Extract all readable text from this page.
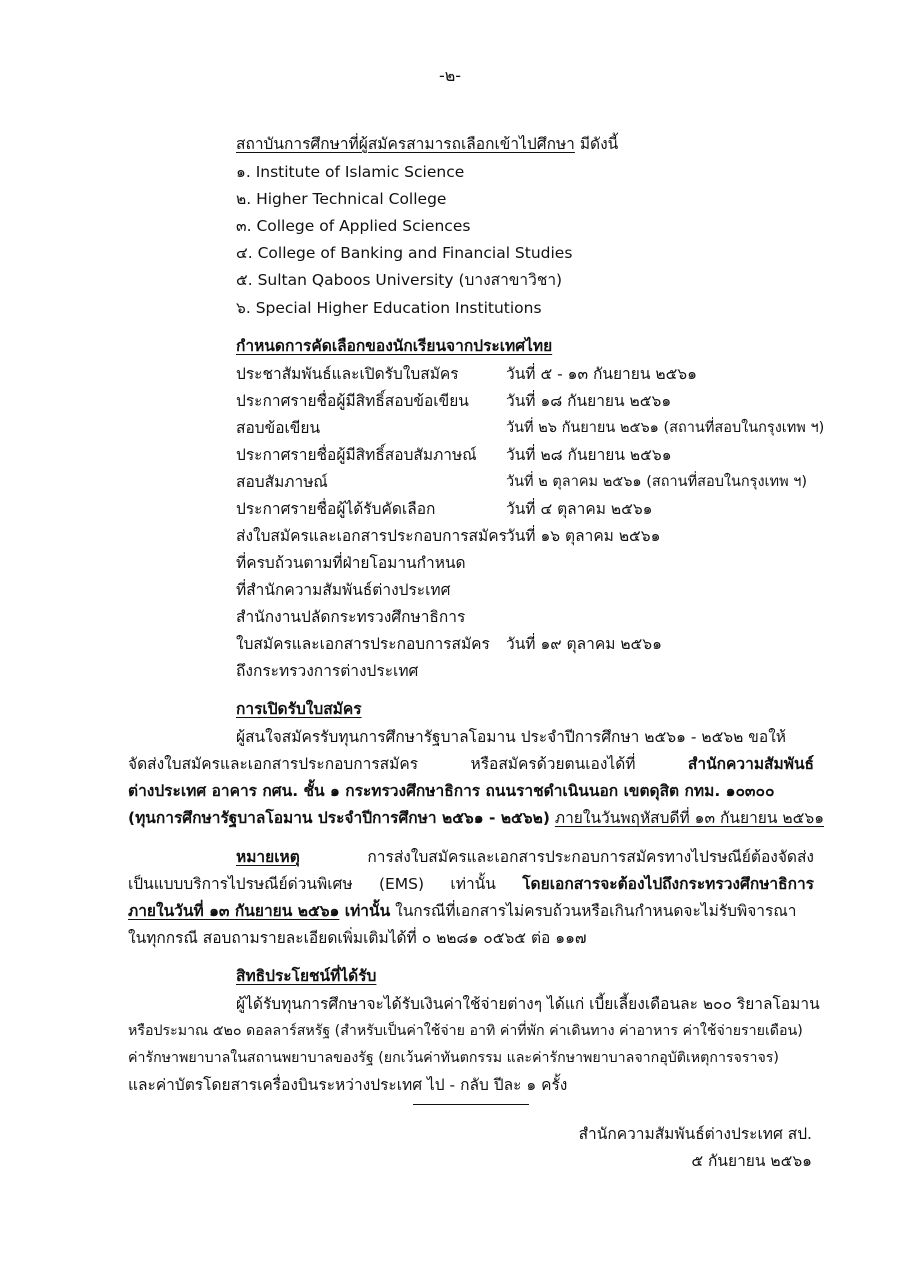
-๒-
สถาบันการศึกษาที่ผู้สมัครสามารถเลือกเข้าไปศึกษา มีดังนี้
๑. Institute of Islamic Science
๒. Higher Technical College
๓. College of Applied Sciences
๔. College of Banking and Financial Studies
๕. Sultan Qaboos University (บางสาขาวิชา)
๖. Special Higher Education Institutions
กำหนดการคัดเลือกของนักเรียนจากประเทศไทย
ประชาสัมพันธ์และเปิดรับใบสมัคร	วันที่ ๕ - ๑๓ กันยายน ๒๕๖๑
ประกาศรายชื่อผู้มีสิทธิ์สอบข้อเขียน วันที่ ๑๘ กันยายน ๒๕๖๑
สอบข้อเขียน	วันที่ ๒๖ กันยายน ๒๕๖๑ (สถานที่สอบในกรุงเทพ ฯ)
ประกาศรายชื่อผู้มีสิทธิ์สอบสัมภาษณ์ วันที่ ๒๘ กันยายน ๒๕๖๑
สอบสัมภาษณ์	วันที่ ๒ ตุลาคม ๒๕๖๑ (สถานที่สอบในกรุงเทพ ฯ)
ประกาศรายชื่อผู้ได้รับคัดเลือก	วันที่ ๔ ตุลาคม ๒๕๖๑
ส่งใบสมัครและเอกสารประกอบการสมัคร วันที่ ๑๖ ตุลาคม ๒๕๖๑
ที่ครบถ้วนตามที่ฝ่ายโอมานกำหนด
ที่สำนักความสัมพันธ์ต่างประเทศ
สำนักงานปลัดกระทรวงศึกษาธิการ
ใบสมัครและเอกสารประกอบการสมัคร วันที่ ๑๙ ตุลาคม ๒๕๖๑
ถึงกระทรวงการต่างประเทศ
การเปิดรับใบสมัคร
ผู้สนใจสมัครรับทุนการศึกษารัฐบาลโอมาน ประจำปีการศึกษา ๒๕๖๑ - ๒๕๖๒ ขอให้
จัดส่งใบสมัครและเอกสารประกอบการสมัคร หรือสมัครด้วยตนเองได้ที่ สำนักความสัมพันธ์
ต่างประเทศ อาคาร กศน. ชั้น ๑ กระทรวงศึกษาธิการ ถนนราชดำเนินนอก เขตดุสิต กทม. ๑๐๓๐๐
(ทุนการศึกษารัฐบาลโอมาน ประจำปีการศึกษา ๒๕๖๑ - ๒๕๖๒) ภายในวันพฤหัสบดีที่ ๑๓ กันยายน ๒๕๖๑
หมายเหตุ การส่งใบสมัครและเอกสารประกอบการสมัครทางไปรษณีย์ต้องจัดส่ง
เป็นแบบบริการไปรษณีย์ด่วนพิเศษ (EMS) เท่านั้น โดยเอกสารจะต้องไปถึงกระทรวงศึกษาธิการ
ภายในวันที่ ๑๓ กันยายน ๒๕๖๑ เท่านั้น ในกรณีที่เอกสารไม่ครบถ้วนหรือเกินกำหนดจะไม่รับพิจารณา
ในทุกกรณี สอบถามรายละเอียดเพิ่มเติมได้ที่ ๐ ๒๒๘๑ ๐๕๖๕ ต่อ ๑๑๗
สิทธิประโยชน์ที่ได้รับ
ผู้ได้รับทุนการศึกษาจะได้รับเงินค่าใช้จ่ายต่างๆ ได้แก่ เบี้ยเลี้ยงเดือนละ ๒๐๐ ริยาลโอมาน
หรือประมาณ ๕๒๐ ดอลลาร์สหรัฐ (สำหรับเป็นค่าใช้จ่าย อาทิ ค่าที่พัก ค่าเดินทาง ค่าอาหาร ค่าใช้จ่ายรายเดือน)
ค่ารักษาพยาบาลในสถานพยาบาลของรัฐ (ยกเว้นค่าทันตกรรม และค่ารักษาพยาบาลจากอุบัติเหตุการจราจร)
และค่าบัตรโดยสารเครื่องบินระหว่างประเทศ ไป - กลับ ปีละ ๑ ครั้ง
สำนักความสัมพันธ์ต่างประเทศ สป.
๕ กันยายน ๒๕๖๑
